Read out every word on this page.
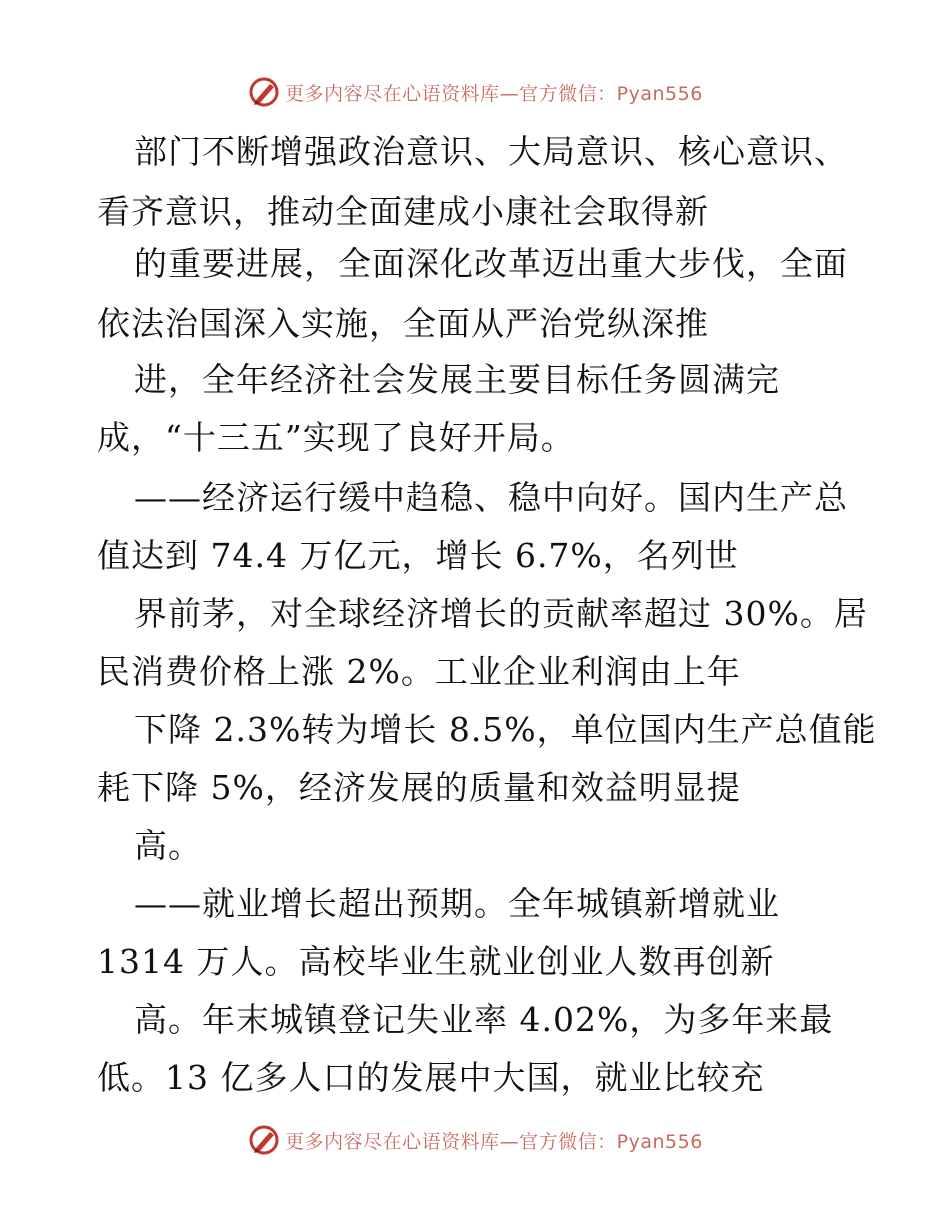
更多内容尽在心语资料库—官方微信：Pyan556
部门不断增强政治意识、大局意识、核心意识、
看齐意识，推动全面建成小康社会取得新
的重要进展，全面深化改革迈出重大步伐，全面
依法治国深入实施，全面从严治党纵深推
进，全年经济社会发展主要目标任务圆满完
成，“十三五”实现了良好开局。
——经济运行缓中趋稳、稳中向好。国内生产总
值达到 74.4 万亿元，增长 6.7%，名列世
界前茅，对全球经济增长的贡献率超过 30%。居
民消费价格上涨 2%。工业企业利润由上年
下降 2.3%转为增长 8.5%，单位国内生产总值能
耗下降 5%，经济发展的质量和效益明显提
高。
——就业增长超出预期。全年城镇新增就业
1314 万人。高校毕业生就业创业人数再创新
高。年末城镇登记失业率 4.02%，为多年来最
低。13 亿多人口的发展中大国，就业比较充
更多内容尽在心语资料库—官方微信：Pyan556
